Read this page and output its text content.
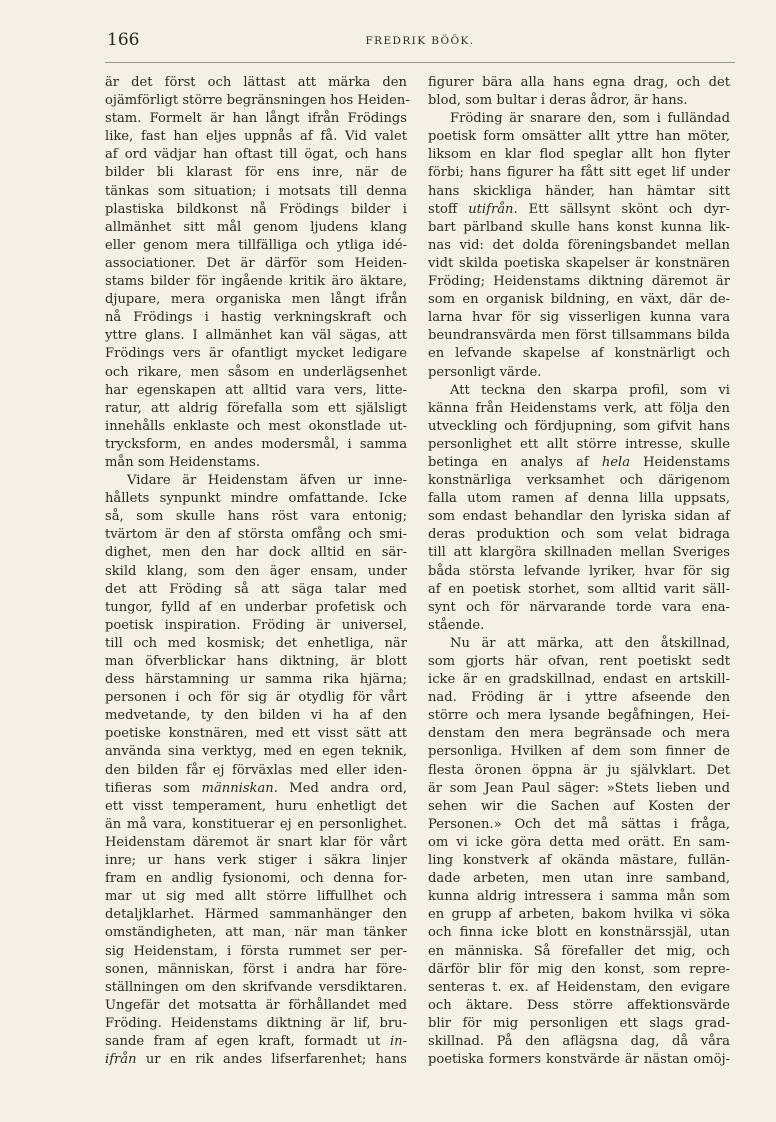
166	FREDRIK BÖÖK.
är det först och lättast att märka den
ojämförligt större begränsningen hos Heiden-
stam. Formelt är han långt ifrån Frödings
like, fast han eljes uppnås af få. Vid valet
af ord vädjar han oftast till ögat, och hans
bilder bli klarast för ens inre, när de
tänkas som situation; i motsats till denna
plastiska bildkonst nå Frödings bilder i
allmänhet sitt mål genom ljudens klang
eller genom mera tillfälliga och ytliga idé-
associationer. Det är därför som Heiden-
stams bilder för ingående kritik äro äktare,
djupare, mera organiska men långt ifrån
nå Frödings i hastig verkningskraft och
yttre glans. I allmänhet kan väl sägas, att
Frödings vers är ofantligt mycket ledigare
och rikare, men såsom en underlägsenhet
har egenskapen att alltid vara vers, litte-
ratur, att aldrig förefalla som ett själsligt
innehålls enklaste och mest okonstlade ut-
trycksform, en andes modersmål, i samma
mån som Heidenstams.
Vidare är Heidenstam äfven ur inne-
hållets synpunkt mindre omfattande. Icke
så, som skulle hans röst vara entonig;
tvärtom är den af största omfång och smi-
dighet, men den har dock alltid en sär-
skild klang, som den äger ensam, under
det att Fröding så att säga talar med
tungor, fylld af en underbar profetisk och
poetisk inspiration. Fröding är universel,
till och med kosmisk; det enhetliga, när
man öfverblickar hans diktning, är blott
dess härstamning ur samma rika hjärna;
personen i och för sig är otydlig för vårt
medvetande, ty den bilden vi ha af den
poetiske konstnären, med ett visst sätt att
använda sina verktyg, med en egen teknik,
den bilden får ej förväxlas med eller iden-
tifieras som människan. Med andra ord,
ett visst temperament, huru enhetligt det
än må vara, konstituerar ej en personlighet.
Heidenstam däremot är snart klar för vårt
inre; ur hans verk stiger i säkra linjer
fram en andlig fysionomi, och denna for-
mar ut sig med allt större liffullhet och
detaljklarhet. Härmed sammanhänger den
omständigheten, att man, när man tänker
sig Heidenstam, i första rummet ser per-
sonen, människan, först i andra har före-
ställningen om den skrifvande versdiktaren.
Ungefär det motsatta är förhållandet med
Fröding. Heidenstams diktning är lif, bru-
sande fram af egen kraft, formadt ut in-
ifrån ur en rik andes lifserfarenhet; hans
figurer bära alla hans egna drag, och det
blod, som bultar i deras ådror, är hans.
Fröding är snarare den, som i fulländad
poetisk form omsätter allt yttre han möter,
liksom en klar flod speglar allt hon flyter
förbi; hans figurer ha fått sitt eget lif under
hans skickliga händer, han hämtar sitt
stoff utifrån. Ett sällsynt skönt och dyr-
bart pärlband skulle hans konst kunna lik-
nas vid: det dolda föreningsbandet mellan
vidt skilda poetiska skapelser är konstnären
Fröding; Heidenstams diktning däremot är
som en organisk bildning, en växt, där de-
larna hvar för sig visserligen kunna vara
beundransvärda men först tillsammans bilda
en lefvande skapelse af konstnärligt och
personligt värde.
Att teckna den skarpa profil, som vi
känna från Heidenstams verk, att följa den
utveckling och fördjupning, som gifvit hans
personlighet ett allt större intresse, skulle
betinga en analys af hela Heidenstams
konstnärliga verksamhet och därigenom
falla utom ramen af denna lilla uppsats,
som endast behandlar den lyriska sidan af
deras produktion och som velat bidraga
till att klargöra skillnaden mellan Sveriges
båda största lefvande lyriker, hvar för sig
af en poetisk storhet, som alltid varit säll-
synt och för närvarande torde vara ena-
stående.
Nu är att märka, att den åtskillnad,
som gjorts här ofvan, rent poetiskt sedt
icke är en gradskillnad, endast en artskill-
nad. Fröding är i yttre afseende den
större och mera lysande begåfningen, Hei-
denstam den mera begränsade och mera
personliga. Hvilken af dem som finner de
flesta öronen öppna är ju självklart. Det
är som Jean Paul säger: »Stets lieben und
sehen wir die Sachen auf Kosten der
Personen.» Och det må sättas i fråga,
om vi icke göra detta med orätt. En sam-
ling konstverk af okända mästare, fullän-
dade arbeten, men utan inre samband,
kunna aldrig intressera i samma mån som
en grupp af arbeten, bakom hvilka vi söka
och finna icke blott en konstnärssjäl, utan
en människa. Så förefaller det mig, och
därför blir för mig den konst, som repre-
senteras t. ex. af Heidenstam, den evigare
och äktare. Dess större affektionsvärde
blir för mig personligen ett slags grad-
skillnad. På den aflägsna dag, då våra
poetiska formers konstvärde är nästan omöj-
